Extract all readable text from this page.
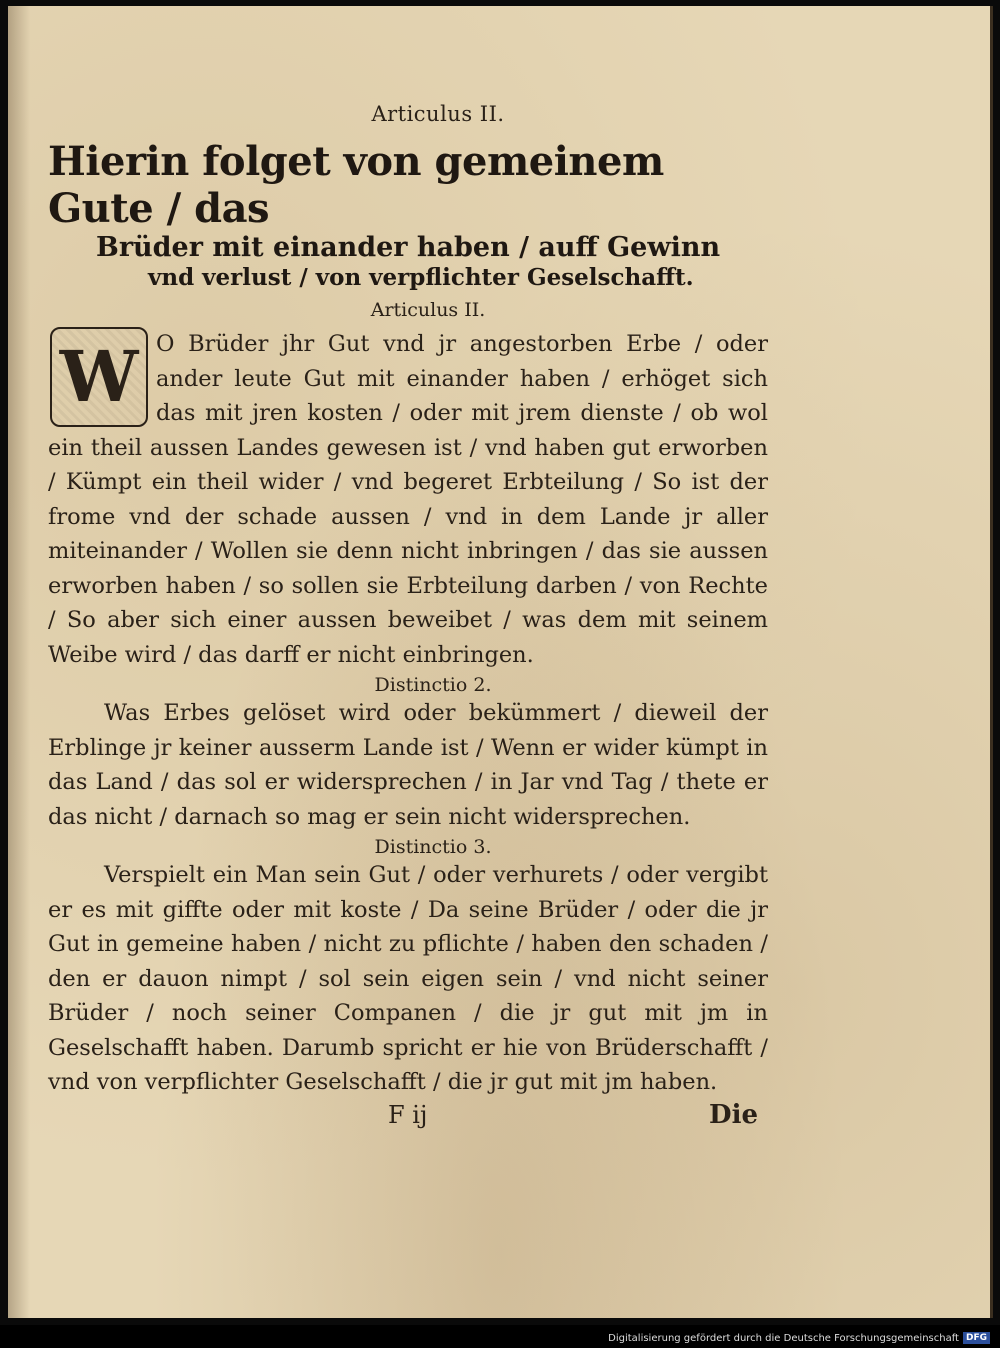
Articulus II.
Hierin folget von gemeinem Gute / das
Brüder mit einander haben / auff Gewinn
vnd verlust / von verpflichter Geselschafft.
Articulus II.
W O Brüder jhr Gut vnd jr angestorben Erbe / oder ander leute Gut mit einander haben / erhöget sich das mit jren kosten / oder mit jrem dienste / ob wol ein theil aussen Landes gewesen ist / vnd haben gut erworben / Kümpt ein theil wider / vnd begeret Erbteilung / So ist der frome vnd der schade aussen / vnd in dem Lande jr aller miteinander / Wollen sie denn nicht inbringen / das sie aussen erworben haben / so sollen sie Erbteilung darben / von Rechte / So aber sich einer aussen beweibet / was dem mit seinem Weibe wird / das darff er nicht einbringen.

Distinctio 2.

Was Erbes gelöset wird oder bekümmert / dieweil der Erblinge jr keiner ausserm Lande ist / Wenn er wider kümpt in das Land / das sol er widersprechen / in Jar vnd Tag / thete er das nicht / darnach so mag er sein nicht widersprechen.

Distinctio 3.

Verspielt ein Man sein Gut / oder verhurets / oder vergibt er es mit giffte oder mit koste / Da seine Brüder / oder die jr Gut in gemeine haben / nicht zu pflichte / haben den schaden / den er dauon nimpt / sol sein eigen sein / vnd nicht seiner Brüder / noch seiner Companen / die jr gut mit jm in Geselschafft haben. Darumb spricht er hie von Brüderschafft / vnd von verpflichter Geselschafft / die jr gut mit jm haben.

F ij	Die
Digitalisierung gefördert durch die Deutsche Forschungsgemeinschaft DFG
